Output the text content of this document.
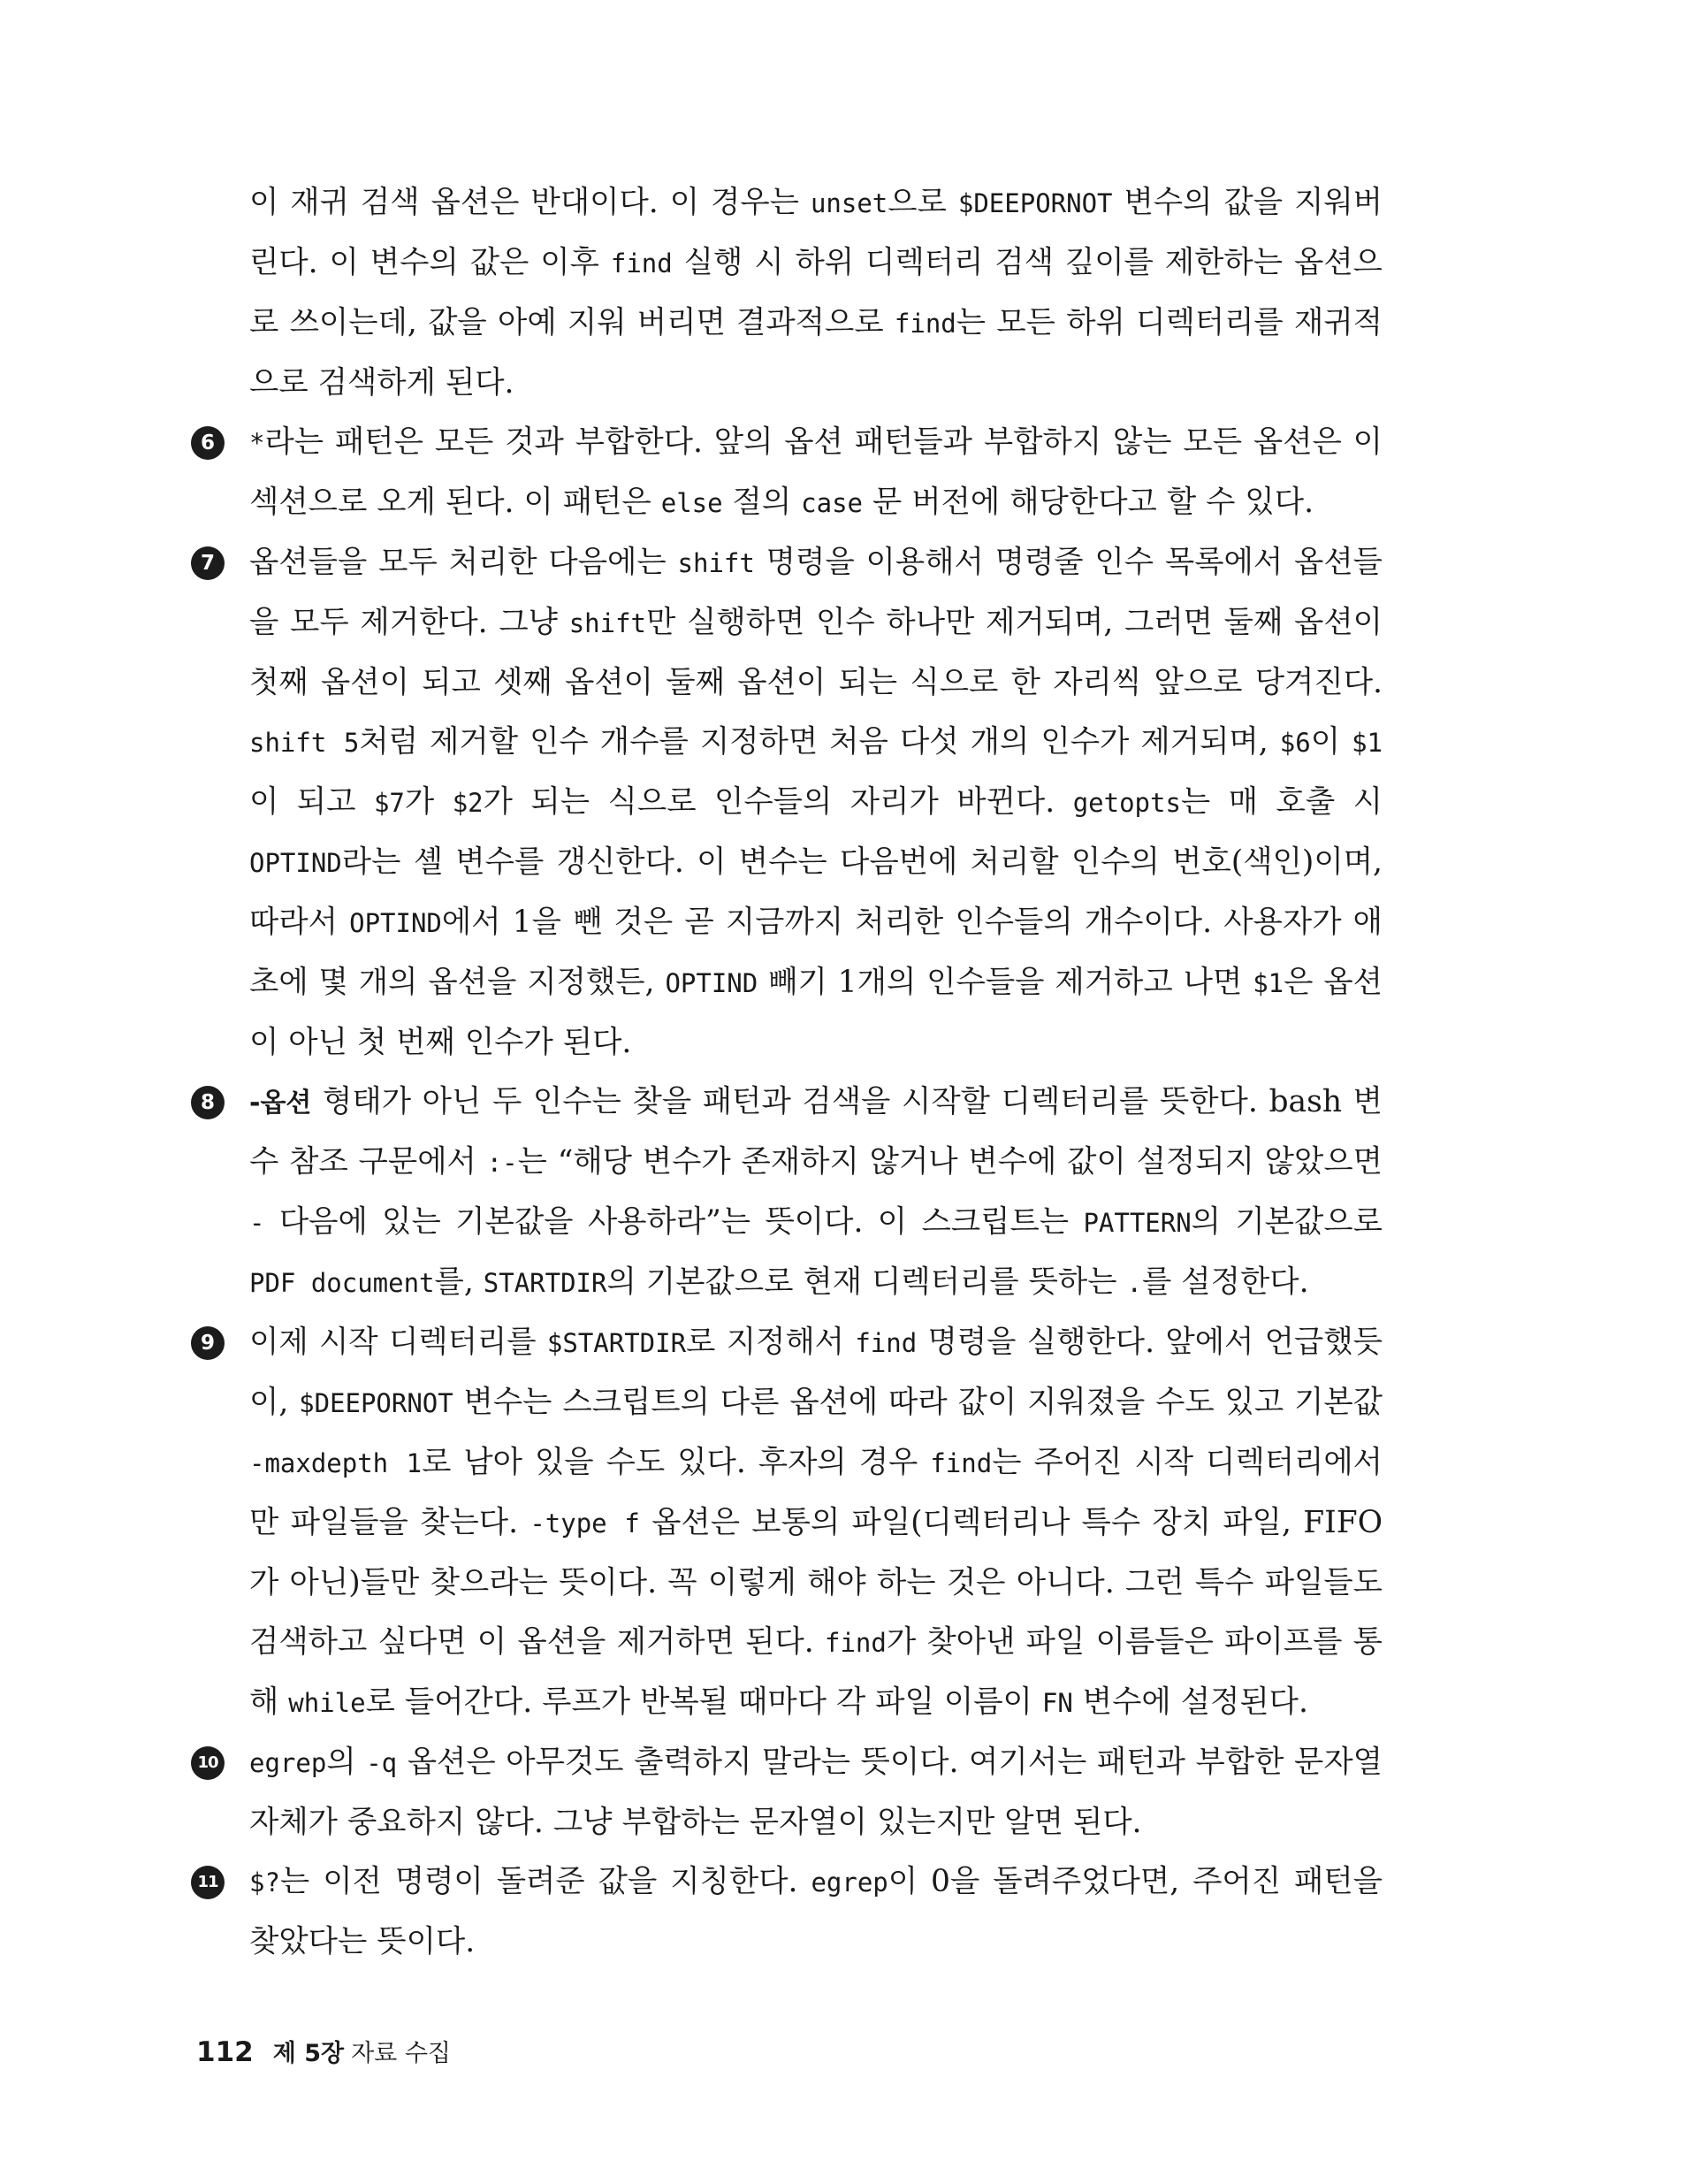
이 재귀 검색 옵션은 반대이다. 이 경우는 unset으로 $DEEPORNOT 변수의 값을 지워버린다. 이 변수의 값은 이후 find 실행 시 하위 디렉터리 검색 깊이를 제한하는 옵션으로 쓰이는데, 값을 아예 지워 버리면 결과적으로 find는 모든 하위 디렉터리를 재귀적으로 검색하게 된다.

6	*라는 패턴은 모든 것과 부합한다. 앞의 옵션 패턴들과 부합하지 않는 모든 옵션은 이 섹션으로 오게 된다. 이 패턴은 else 절의 case 문 버전에 해당한다고 할 수 있다.

7	옵션들을 모두 처리한 다음에는 shift 명령을 이용해서 명령줄 인수 목록에서 옵션들을 모두 제거한다. 그냥 shift만 실행하면 인수 하나만 제거되며, 그러면 둘째 옵션이 첫째 옵션이 되고 셋째 옵션이 둘째 옵션이 되는 식으로 한 자리씩 앞으로 당겨진다. shift 5처럼 제거할 인수 개수를 지정하면 처음 다섯 개의 인수가 제거되며, $6이 $1이 되고 $7가 $2가 되는 식으로 인수들의 자리가 바뀐다. getopts는 매 호출 시 OPTIND라는 셸 변수를 갱신한다. 이 변수는 다음번에 처리할 인수의 번호(색인)이며, 따라서 OPTIND에서 1을 뺀 것은 곧 지금까지 처리한 인수들의 개수이다. 사용자가 애초에 몇 개의 옵션을 지정했든, OPTIND 빼기 1개의 인수들을 제거하고 나면 $1은 옵션이 아닌 첫 번째 인수가 된다.

8	-옵션 형태가 아닌 두 인수는 찾을 패턴과 검색을 시작할 디렉터리를 뜻한다. bash 변수 참조 구문에서 :-는 “해당 변수가 존재하지 않거나 변수에 값이 설정되지 않았으면 - 다음에 있는 기본값을 사용하라”는 뜻이다. 이 스크립트는 PATTERN의 기본값으로 PDF document를, STARTDIR의 기본값으로 현재 디렉터리를 뜻하는 .를 설정한다.

9	이제 시작 디렉터리를 $STARTDIR로 지정해서 find 명령을 실행한다. 앞에서 언급했듯이, $DEEPORNOT 변수는 스크립트의 다른 옵션에 따라 값이 지워졌을 수도 있고 기본값 -maxdepth 1로 남아 있을 수도 있다. 후자의 경우 find는 주어진 시작 디렉터리에서만 파일들을 찾는다. -type f 옵션은 보통의 파일(디렉터리나 특수 장치 파일, FIFO가 아닌)들만 찾으라는 뜻이다. 꼭 이렇게 해야 하는 것은 아니다. 그런 특수 파일들도 검색하고 싶다면 이 옵션을 제거하면 된다. find가 찾아낸 파일 이름들은 파이프를 통해 while로 들어간다. 루프가 반복될 때마다 각 파일 이름이 FN 변수에 설정된다.

10 egrep의 -q 옵션은 아무것도 출력하지 말라는 뜻이다. 여기서는 패턴과 부합한 문자열 자체가 중요하지 않다. 그냥 부합하는 문자열이 있는지만 알면 된다.

11 $?는 이전 명령이 돌려준 값을 지칭한다. egrep이 0을 돌려주었다면, 주어진 패턴을 찾았다는 뜻이다.

112 제 5장 자료 수집
